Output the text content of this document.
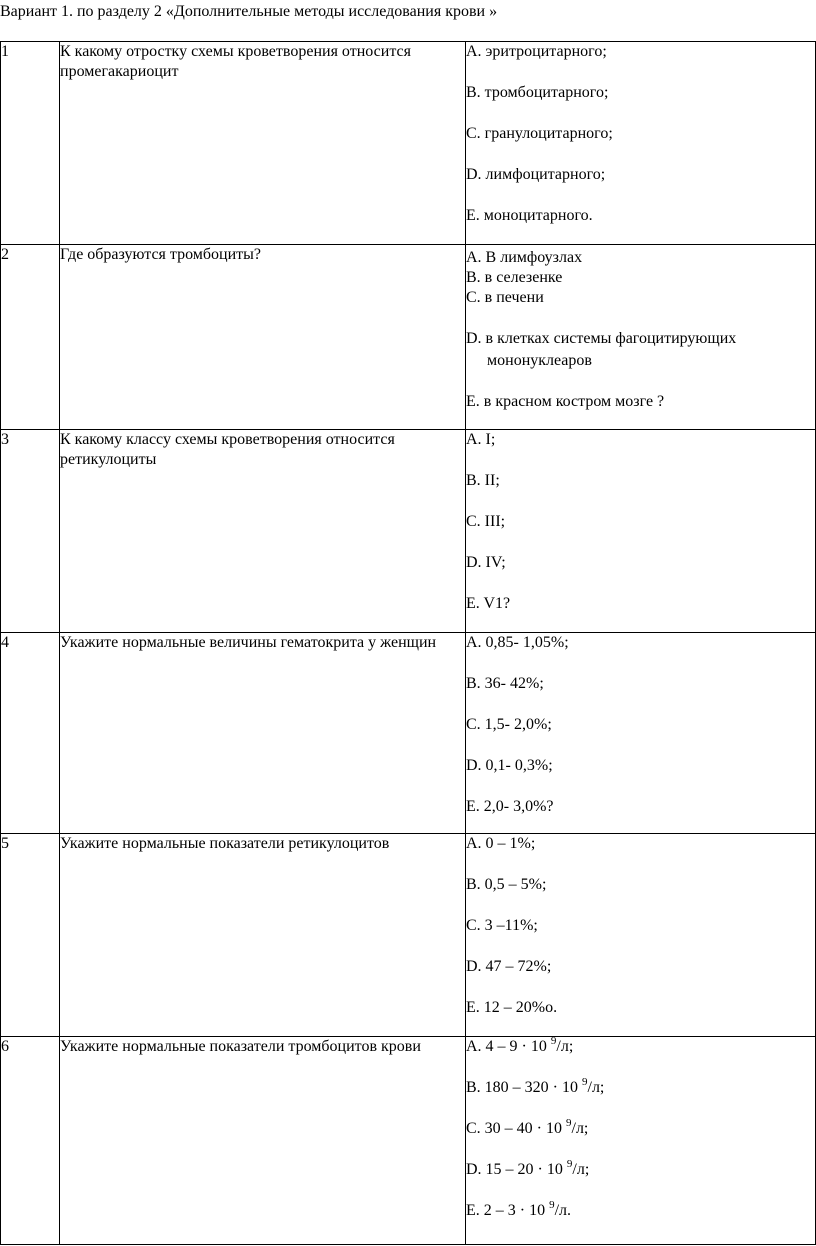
Вариант 1. по разделу 2 «Дополнительные методы исследования крови »
1	К какому отростку схемы кроветворения относится промегакариоцит	A. эритроцитарного;
B. тромбоцитарного;
C. гранулоцитарного;
D. лимфоцитарного;
E. моноцитарного.

2	Где образуются тромбоциты?	A. В лимфоузлах
B. в селезенке
C. в печени
D. в клетках системы фагоцитирующих мононуклеаров
E. в красном костром мозге ?

3	К какому классу схемы кроветворения относится ретикулоциты	A. I;
B. II;
C. III;
D. IV;
E. V1?

4	Укажите нормальные величины гематокрита у женщин	A. 0,85- 1,05%;
B. 36- 42%;
C. 1,5- 2,0%;
D. 0,1- 0,3%;
E. 2,0- 3,0%?

5	Укажите нормальные показатели ретикулоцитов	A. 0 – 1%;
B. 0,5 – 5%;
C. 3 –11%;
D. 47 – 72%;
E. 12 – 20%о.

6	Укажите нормальные показатели тромбоцитов крови	A. 4 – 9 · 10 $^9$/л;
B. 180 – 320 · 10 $^9$/л;
C. 30 – 40 · 10 $^9$/л;
D. 15 – 20 · 10 $^9$/л;
E. 2 – 3 · 10 $^9$/л.
